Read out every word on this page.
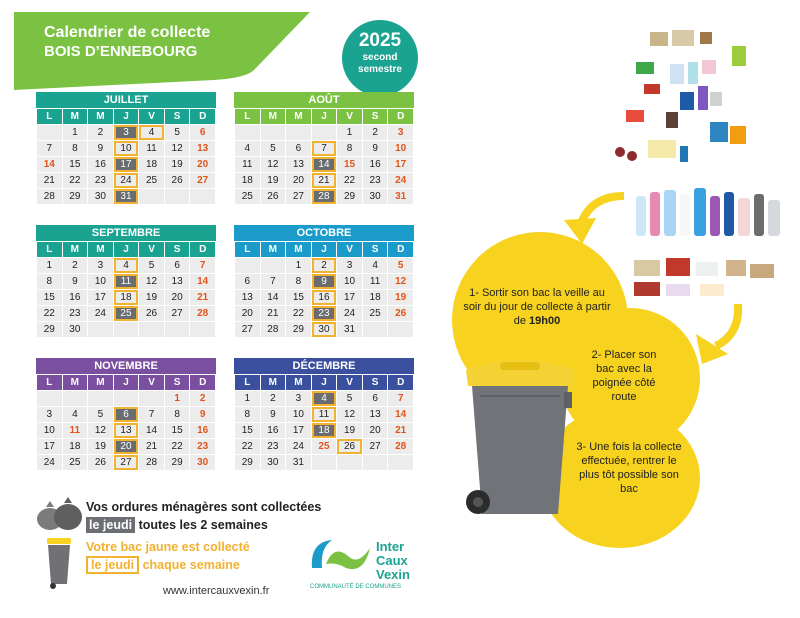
Calendrier de collecte
BOIS D’ENNEBOURG
2025
second
semestre
JUILLET
L	M	M	J	V	S	D
	1	2	3	4	5	6
7	8	9	10	11	12	13
14	15	16	17	18	19	20
21	22	23	24	25	26	27
28	29	30	31			
AOÛT
L	M	M	J	V	S	D
				1	2	3
4	5	6	7	8	9	10
11	12	13	14	15	16	17
18	19	20	21	22	23	24
25	26	27	28	29	30	31
SEPTEMBRE
L	M	M	J	V	S	D
1	2	3	4	5	6	7
8	9	10	11	12	13	14
15	16	17	18	19	20	21
22	23	24	25	26	27	28
29	30					
OCTOBRE
L	M	M	J	V	S	D
		1	2	3	4	5
6	7	8	9	10	11	12
13	14	15	16	17	18	19
20	21	22	23	24	25	26
27	28	29	30	31		
NOVEMBRE
L	M	M	J	V	S	D
					1	2
3	4	5	6	7	8	9
10	11	12	13	14	15	16
17	18	19	20	21	22	23
24	25	26	27	28	29	30
DÉCEMBRE
L	M	M	J	V	S	D
1	2	3	4	5	6	7
8	9	10	11	12	13	14
15	16	17	18	19	20	21
22	23	24	25	26	27	28
29	30	31				
Vos ordures ménagères sont collectées
le jeudi toutes les 2 semaines
Votre bac jaune est collecté
le jeudi chaque semaine
www.intercauxvexin.fr
Inter
Caux
Vexin
COMMUNAUTÉ DE COMMUNES
1- Sortir son bac la veille au soir du jour de collecte à partir de 19h00
2- Placer son bac avec la poignée côté route
3- Une fois la collecte effectuée, rentrer le plus tôt possible son bac
